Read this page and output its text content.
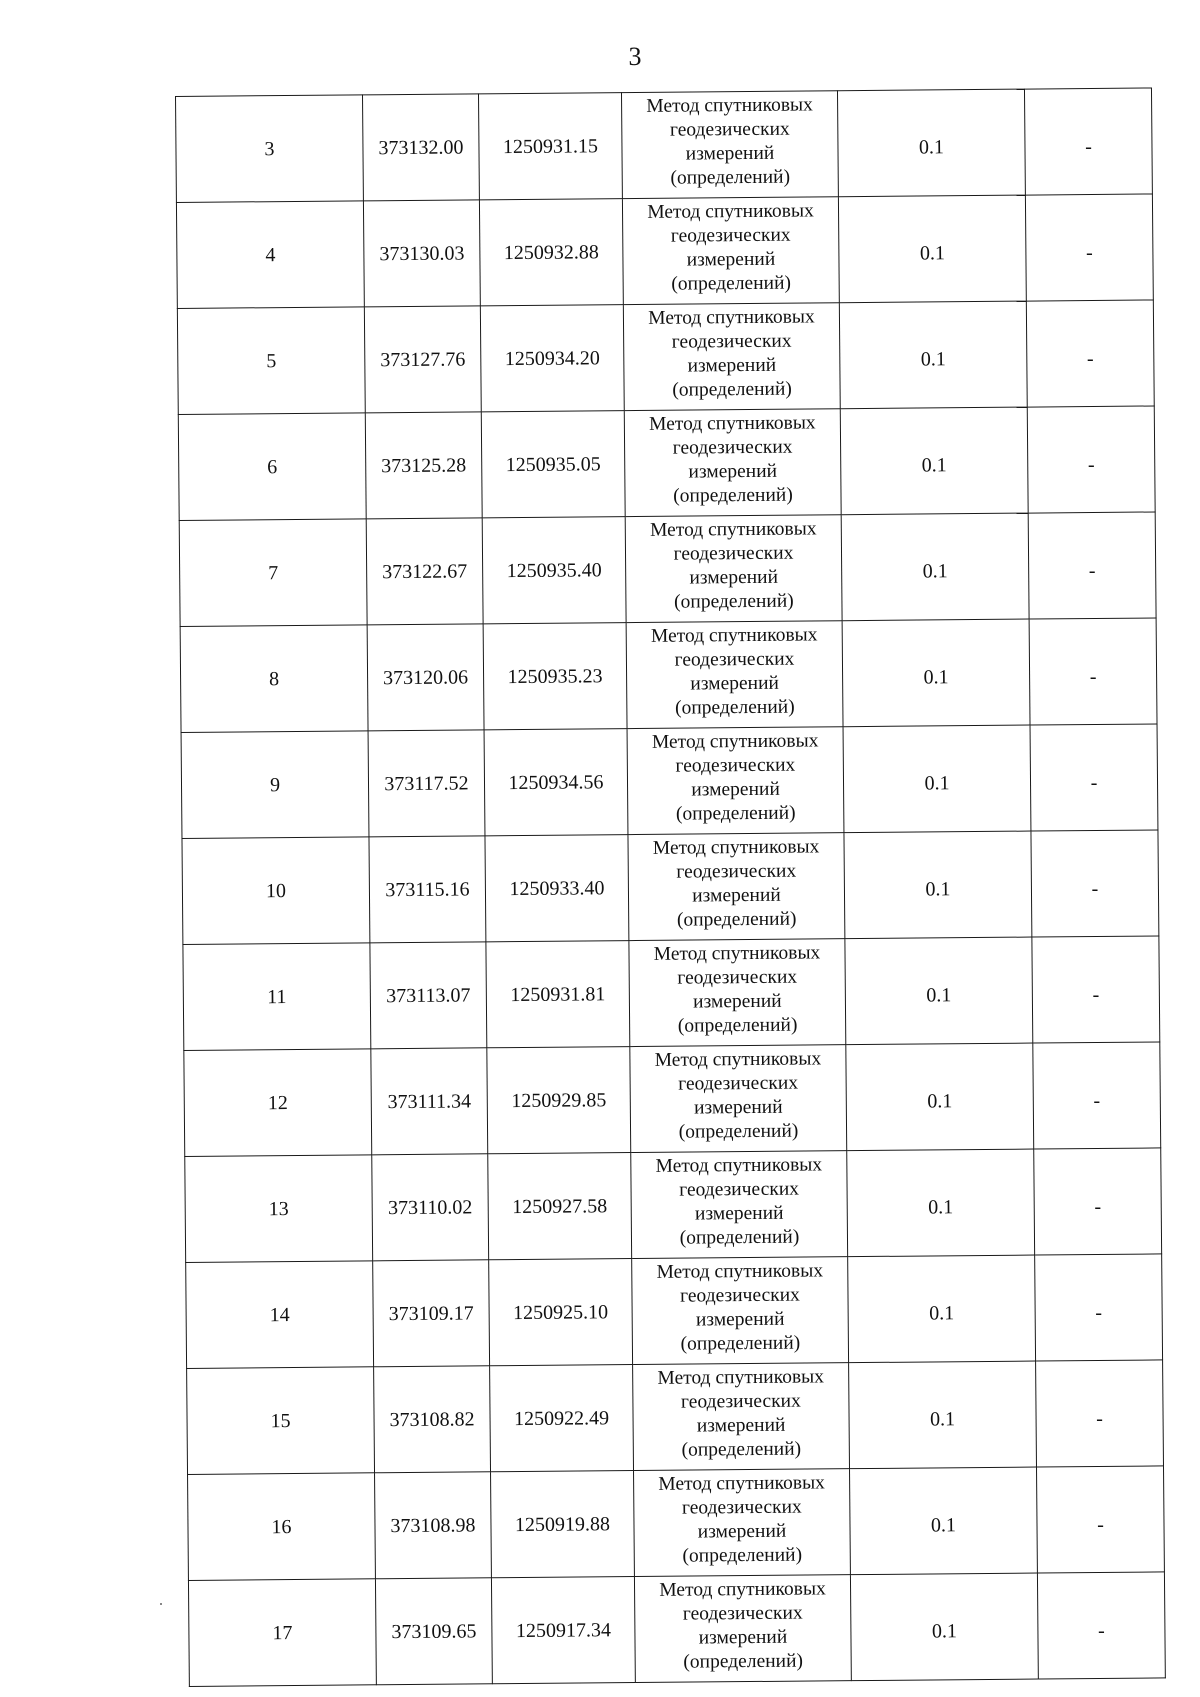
3
3	373132.00	1250931.15	Метод спутниковых геодезических измерений (определений)	0.1	-
4	373130.03	1250932.88	Метод спутниковых геодезических измерений (определений)	0.1	-
5	373127.76	1250934.20	Метод спутниковых геодезических измерений (определений)	0.1	-
6	373125.28	1250935.05	Метод спутниковых геодезических измерений (определений)	0.1	-
7	373122.67	1250935.40	Метод спутниковых геодезических измерений (определений)	0.1	-
8	373120.06	1250935.23	Метод спутниковых геодезических измерений (определений)	0.1	-
9	373117.52	1250934.56	Метод спутниковых геодезических измерений (определений)	0.1	-
10	373115.16	1250933.40	Метод спутниковых геодезических измерений (определений)	0.1	-
11	373113.07	1250931.81	Метод спутниковых геодезических измерений (определений)	0.1	-
12	373111.34	1250929.85	Метод спутниковых геодезических измерений (определений)	0.1	-
13	373110.02	1250927.58	Метод спутниковых геодезических измерений (определений)	0.1	-
14	373109.17	1250925.10	Метод спутниковых геодезических измерений (определений)	0.1	-
15	373108.82	1250922.49	Метод спутниковых геодезических измерений (определений)	0.1	-
16	373108.98	1250919.88	Метод спутниковых геодезических измерений (определений)	0.1	-
17	373109.65	1250917.34	Метод спутниковых геодезических измерений (определений)	0.1	-
